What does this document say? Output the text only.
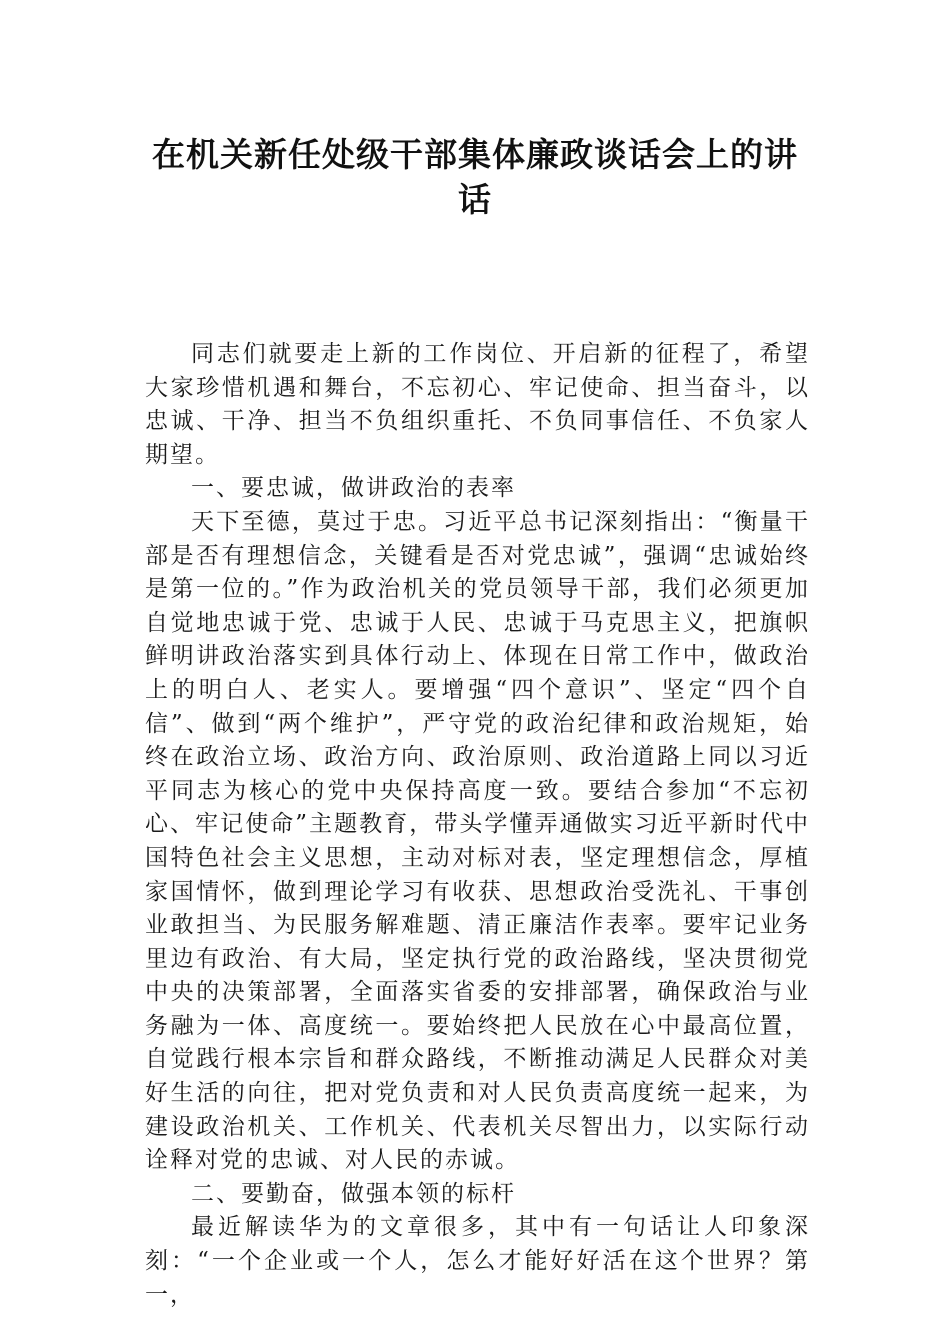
在机关新任处级干部集体廉政谈话会上的讲话

同志们就要走上新的工作岗位、开启新的征程了，希望大家珍惜机遇和舞台，不忘初心、牢记使命、担当奋斗，以忠诚、干净、担当不负组织重托、不负同事信任、不负家人期望。

一、要忠诚，做讲政治的表率

天下至德，莫过于忠。习近平总书记深刻指出：“衡量干部是否有理想信念，关键看是否对党忠诚”，强调“忠诚始终是第一位的。”作为政治机关的党员领导干部，我们必须更加自觉地忠诚于党、忠诚于人民、忠诚于马克思主义，把旗帜鲜明讲政治落实到具体行动上、体现在日常工作中，做政治上的明白人、老实人。要增强“四个意识”、坚定“四个自信”、做到“两个维护”，严守党的政治纪律和政治规矩，始终在政治立场、政治方向、政治原则、政治道路上同以习近平同志为核心的党中央保持高度一致。要结合参加“不忘初心、牢记使命”主题教育，带头学懂弄通做实习近平新时代中国特色社会主义思想，主动对标对表，坚定理想信念，厚植家国情怀，做到理论学习有收获、思想政治受洗礼、干事创业敢担当、为民服务解难题、清正廉洁作表率。要牢记业务里边有政治、有大局，坚定执行党的政治路线，坚决贯彻党中央的决策部署，全面落实省委的安排部署，确保政治与业务融为一体、高度统一。要始终把人民放在心中最高位置，自觉践行根本宗旨和群众路线，不断推动满足人民群众对美好生活的向往，把对党负责和对人民负责高度统一起来，为建设政治机关、工作机关、代表机关尽智出力，以实际行动诠释对党的忠诚、对人民的赤诚。

二、要勤奋，做强本领的标杆

最近解读华为的文章很多，其中有一句话让人印象深刻：“一个企业或一个人，怎么才能好好活在这个世界？第一，
